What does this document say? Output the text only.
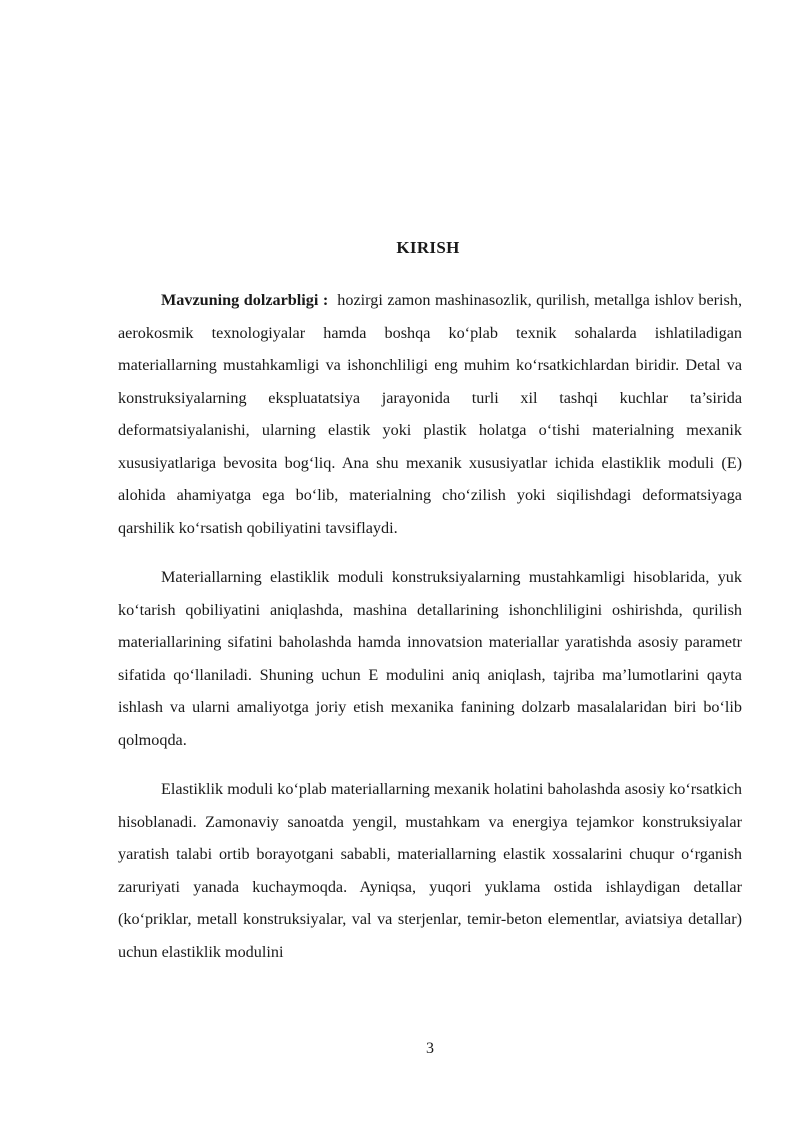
KIRISH

Mavzuning dolzarbligi : hozirgi zamon mashinasozlik, qurilish, metallga ishlov berish, aerokosmik texnologiyalar hamda boshqa ko‘plab texnik sohalarda ishlatiladigan materiallarning mustahkamligi va ishonchliligi eng muhim ko‘rsatkichlardan biridir. Detal va konstruksiyalarning ekspluatatsiya jarayonida turli xil tashqi kuchlar ta’sirida deformatsiyalanishi, ularning elastik yoki plastik holatga o‘tishi materialning mexanik xususiyatlariga bevosita bog‘liq. Ana shu mexanik xususiyatlar ichida elastiklik moduli (E) alohida ahamiyatga ega bo‘lib, materialning cho‘zilish yoki siqilishdagi deformatsiyaga qarshilik ko‘rsatish qobiliyatini tavsiflaydi.

Materiallarning elastiklik moduli konstruksiyalarning mustahkamligi hisoblarida, yuk ko‘tarish qobiliyatini aniqlashda, mashina detallarining ishonchliligini oshirishda, qurilish materiallarining sifatini baholashda hamda innovatsion materiallar yaratishda asosiy parametr sifatida qo‘llaniladi. Shuning uchun E modulini aniq aniqlash, tajriba ma’lumotlarini qayta ishlash va ularni amaliyotga joriy etish mexanika fanining dolzarb masalalaridan biri bo‘lib qolmoqda.

Elastiklik moduli ko‘plab materiallarning mexanik holatini baholashda asosiy ko‘rsatkich hisoblanadi. Zamonaviy sanoatda yengil, mustahkam va energiya tejamkor konstruksiyalar yaratish talabi ortib borayotgani sababli, materiallarning elastik xossalarini chuqur o‘rganish zaruriyati yanada kuchaymoqda. Ayniqsa, yuqori yuklama ostida ishlaydigan detallar (ko‘priklar, metall konstruksiyalar, val va sterjenlar, temir-beton elementlar, aviatsiya detallar) uchun elastiklik modulini

3
